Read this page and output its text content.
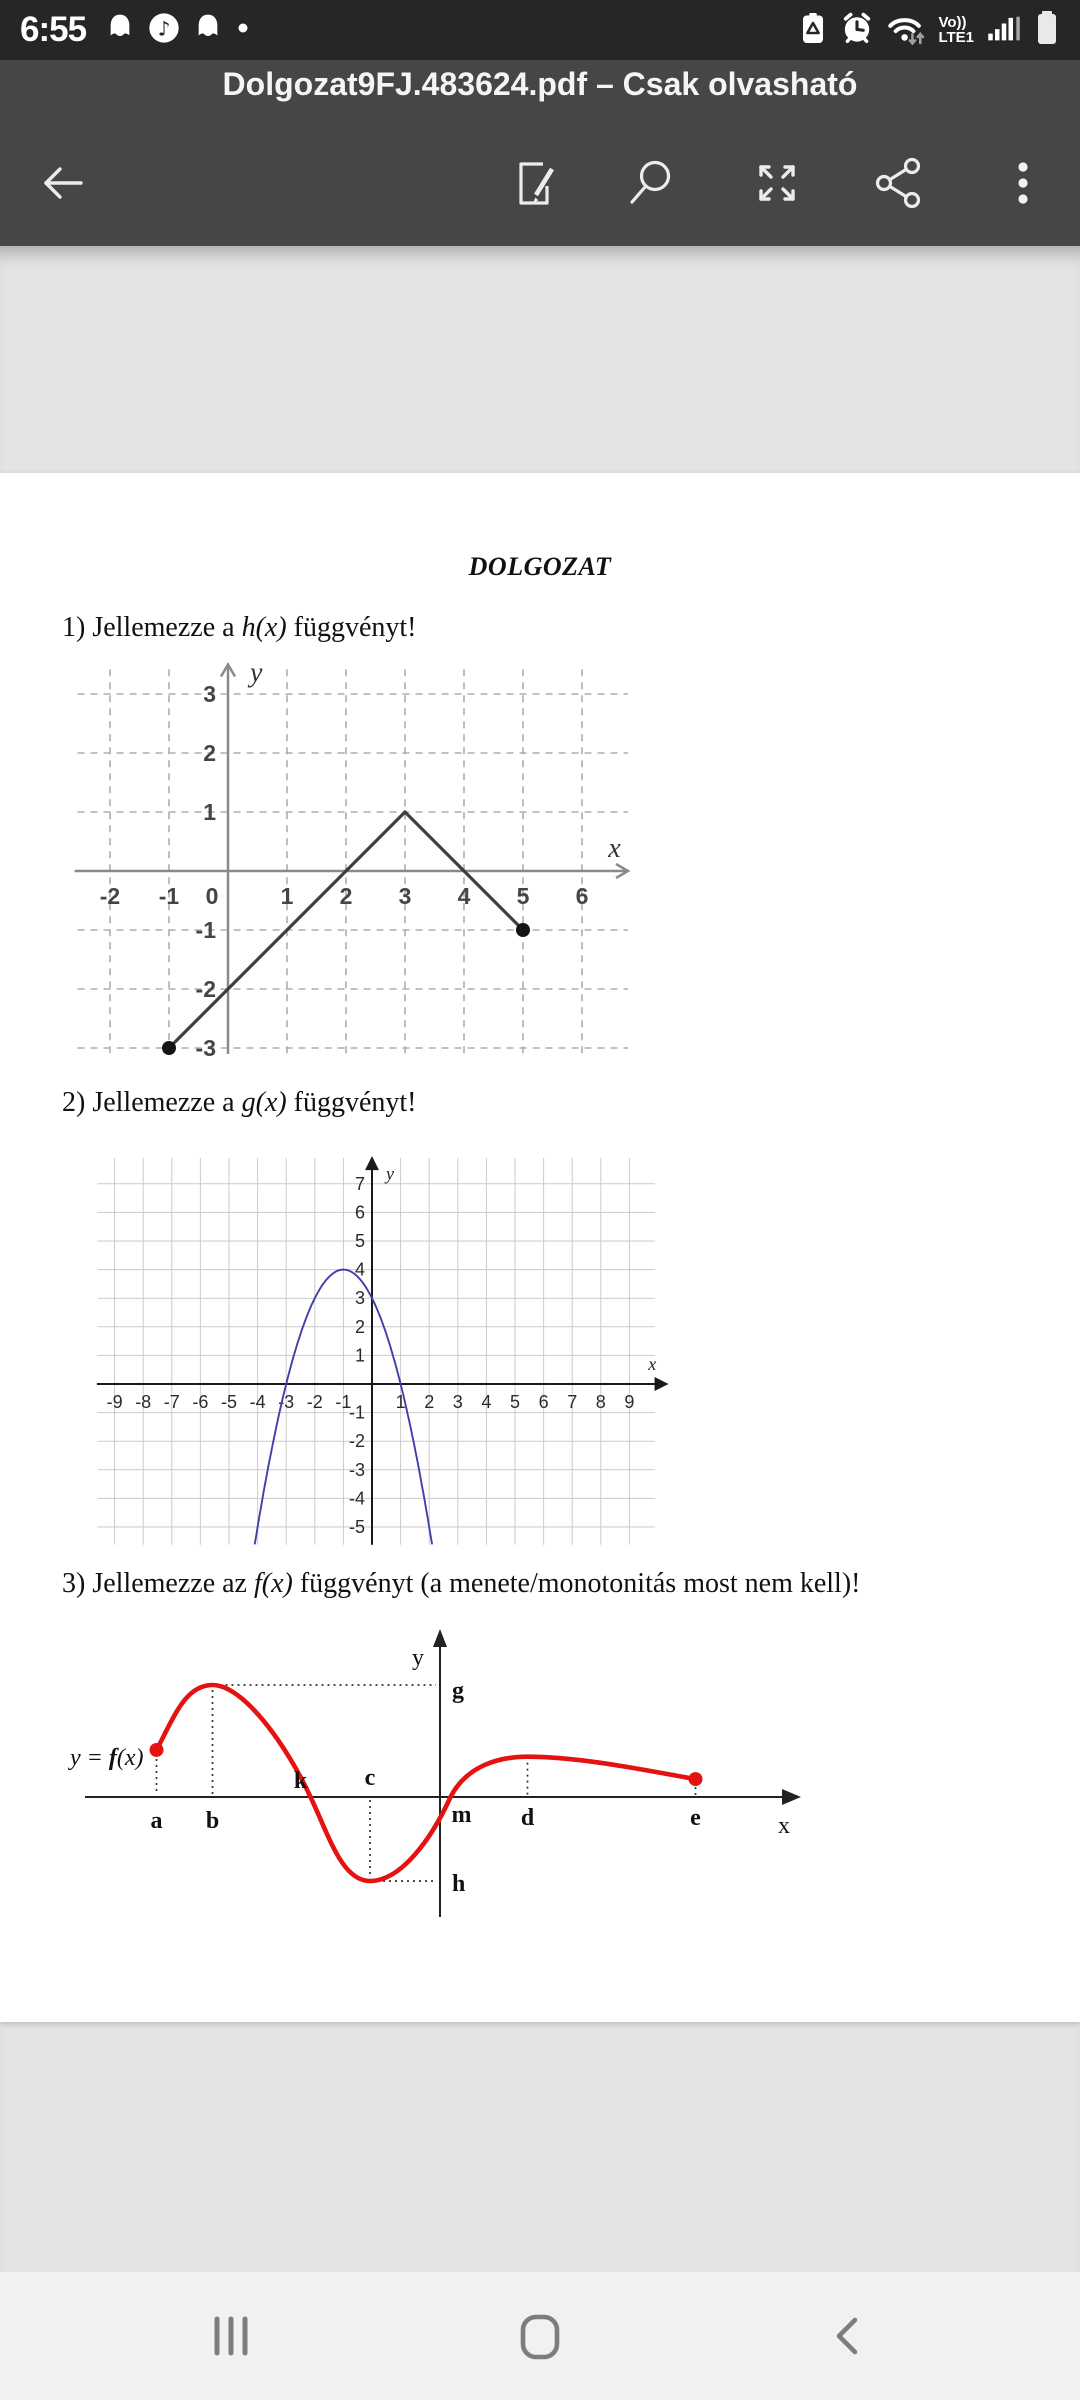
6:55	♪	Vo))
LTE1
Dolgozat9FJ.483624.pdf – Csak olvasható
DOLGOZAT
1) Jellemezze a h(x) függvényt!
-2 -1 0	1 2 3 4 5 6
3
2
1
-1
-2
-3
x
y
2) Jellemezze a g(x) függvényt!
-9 -8 -7 -6 -5 -4 -3 -2 -1 1 2 3 4 5 6 7 8 9
7
6
5
4
3
2
1
-1
-2
-3
-4
-5
x
y
3) Jellemezze az f(x) függvényt (a menete/monotonitás most nem kell)!
a b
k c
m d	e
g
h
y
x
y = f(x)
